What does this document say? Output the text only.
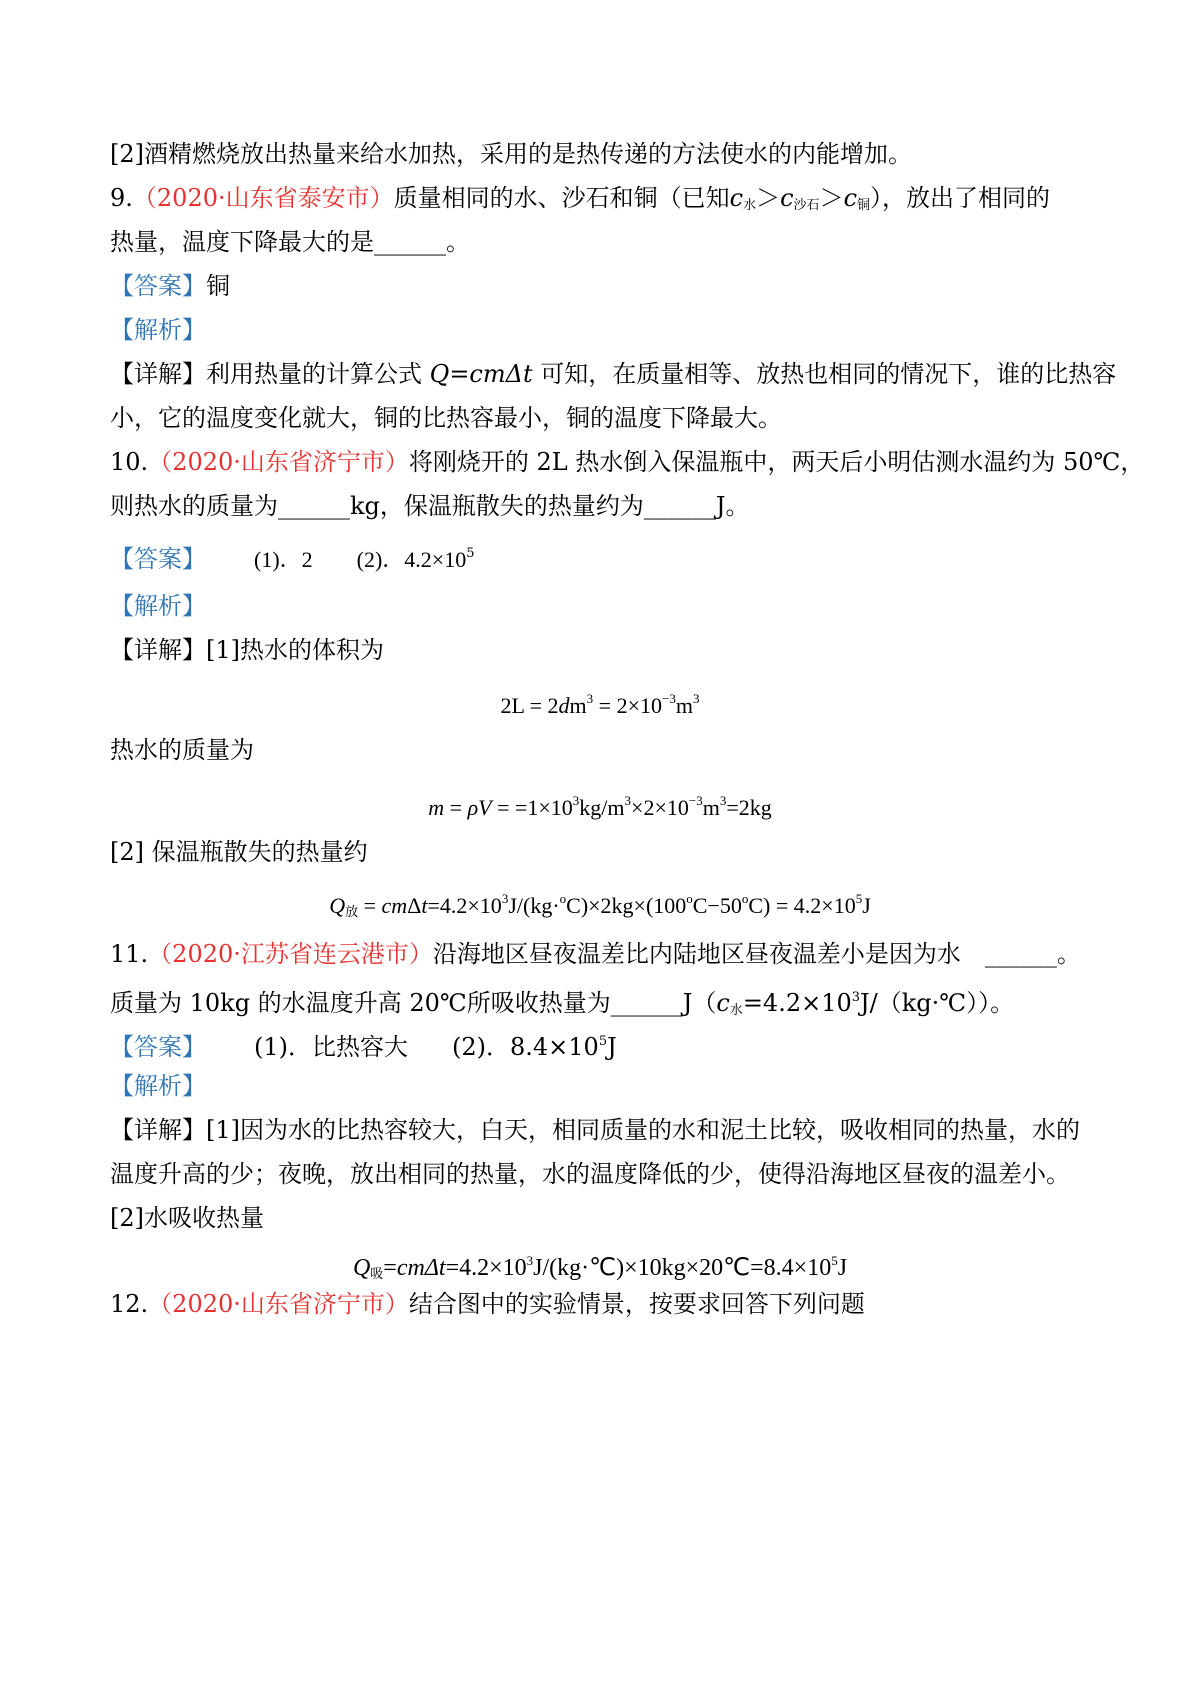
[2]酒精燃烧放出热量来给水加热，采用的是热传递的方法使水的内能增加。
9.（2020·山东省泰安市）质量相同的水、沙石和铜（已知$c_水>c_{沙石}>c_铜$），放出了相同的
热量，温度下降最大的是______。
【答案】铜
【解析】
【详解】利用热量的计算公式 Q=cmΔt 可知，在质量相等、放热也相同的情况下，谁的比热容
小，它的温度变化就大，铜的比热容最小，铜的温度下降最大。
10.（2020·山东省济宁市）将刚烧开的 2L 热水倒入保温瓶中，两天后小明估测水温约为 50℃，
则热水的质量为______kg，保温瓶散失的热量约为______J。
【答案】 (1)．2 (2)．$4.2\times 10^5$
【解析】
【详解】[1]热水的体积为
$2L = 2dm^3 = 2\times 10^{-3}m^3$
热水的质量为
$m = \rho V = =1\times 10^3kg/m^3\times 2\times 10^{-3}m^3=2kg$
[2] 保温瓶散失的热量约
$Q_放 = cm\Delta t=4.2\times 10^3J/(kg\cdot^oC)\times 2kg\times(100^oC-50^oC) = 4.2\times 10^5J$
11.（2020·江苏省连云港市）沿海地区昼夜温差比内陆地区昼夜温差小是因为水　______。
质量为 10kg 的水温度升高 20℃所吸收热量为$\_\_\_\_\_\_J(c_水=4.2\times 10^3J/(kg\cdot℃))$。
【答案】 (1)．比热容大 (2)．$8.4\times 10^5J$
【解析】
【详解】[1]因为水的比热容较大，白天，相同质量的水和泥土比较，吸收相同的热量，水的
温度升高的少；夜晚，放出相同的热量，水的温度降低的少，使得沿海地区昼夜的温差小。
[2]水吸收热量
$Q_吸=cm\Delta t=4.2\times 10^3J/(kg\cdot℃)\times 10kg\times 20℃=8.4\times 10^5J$
12.（2020·山东省济宁市）结合图中的实验情景，按要求回答下列问题
